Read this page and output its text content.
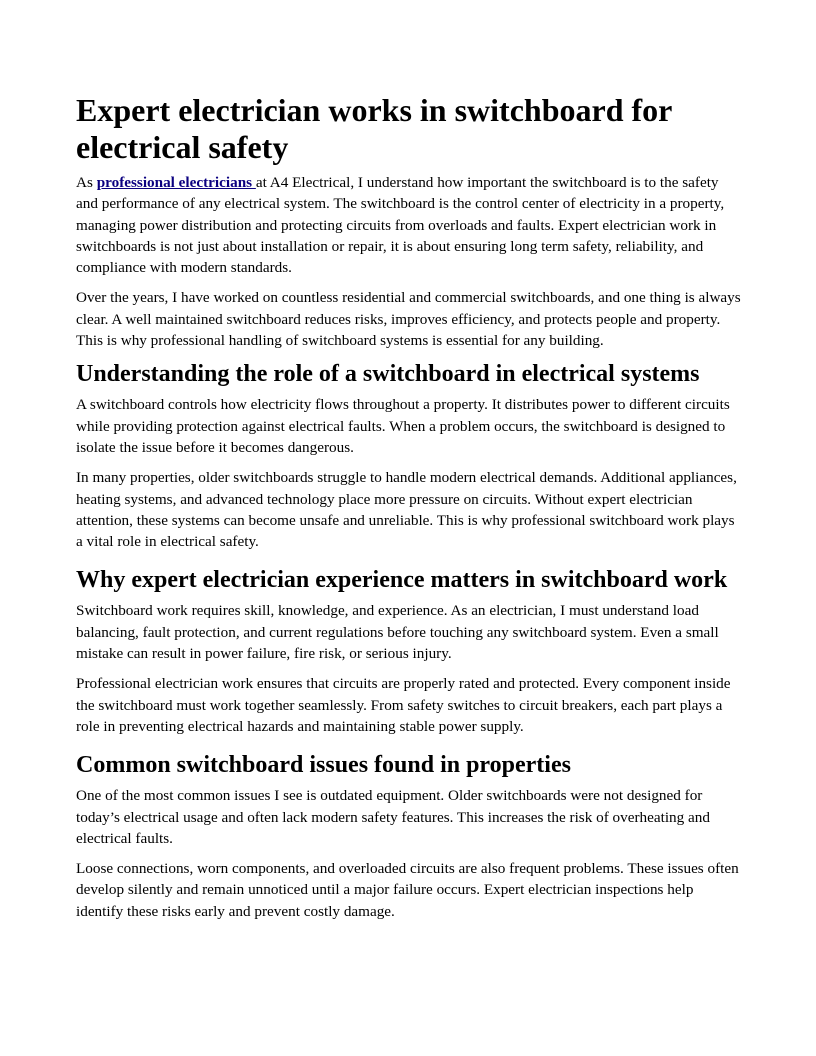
Expert electrician works in switchboard for electrical safety

As professional electricians at A4 Electrical, I understand how important the switchboard is to the safety and performance of any electrical system. The switchboard is the control center of electricity in a property, managing power distribution and protecting circuits from overloads and faults. Expert electrician work in switchboards is not just about installation or repair, it is about ensuring long term safety, reliability, and compliance with modern standards.

Over the years, I have worked on countless residential and commercial switchboards, and one thing is always clear. A well maintained switchboard reduces risks, improves efficiency, and protects people and property. This is why professional handling of switchboard systems is essential for any building.

Understanding the role of a switchboard in electrical systems

A switchboard controls how electricity flows throughout a property. It distributes power to different circuits while providing protection against electrical faults. When a problem occurs, the switchboard is designed to isolate the issue before it becomes dangerous.

In many properties, older switchboards struggle to handle modern electrical demands. Additional appliances, heating systems, and advanced technology place more pressure on circuits. Without expert electrician attention, these systems can become unsafe and unreliable. This is why professional switchboard work plays a vital role in electrical safety.

Why expert electrician experience matters in switchboard work

Switchboard work requires skill, knowledge, and experience. As an electrician, I must understand load balancing, fault protection, and current regulations before touching any switchboard system. Even a small mistake can result in power failure, fire risk, or serious injury.

Professional electrician work ensures that circuits are properly rated and protected. Every component inside the switchboard must work together seamlessly. From safety switches to circuit breakers, each part plays a role in preventing electrical hazards and maintaining stable power supply.

Common switchboard issues found in properties

One of the most common issues I see is outdated equipment. Older switchboards were not designed for today’s electrical usage and often lack modern safety features. This increases the risk of overheating and electrical faults.

Loose connections, worn components, and overloaded circuits are also frequent problems. These issues often develop silently and remain unnoticed until a major failure occurs. Expert electrician inspections help identify these risks early and prevent costly damage.
